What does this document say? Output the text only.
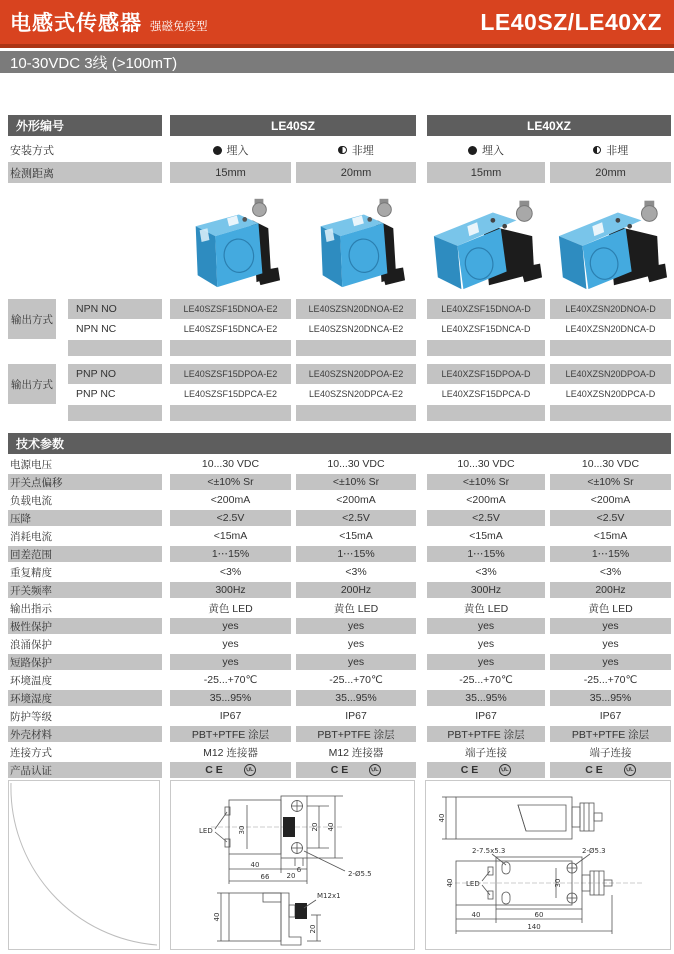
电感式传感器 强磁免疫型	LE40SZ/LE40XZ
10-30VDC 3线 (>100mT)
外形编号	LE40SZ	LE40XZ
安装方式	埋入	非埋	埋入	非埋
检测距离	15mm	20mm	15mm	20mm
输出方式
NPN NO	LE40SZSF15DNOA-E2	LE40SZSN20DNOA-E2	LE40XZSF15DNOA-D	LE40XZSN20DNOA-D
NPN NC	LE40SZSF15DNCA-E2	LE40SZSN20DNCA-E2	LE40XZSF15DNCA-D	LE40XZSN20DNCA-D
输出方式
PNP NO	LE40SZSF15DPOA-E2	LE40SZSN20DPOA-E2	LE40XZSF15DPOA-D	LE40XZSN20DPOA-D
PNP NC	LE40SZSF15DPCA-E2	LE40SZSN20DPCA-E2	LE40XZSF15DPCA-D	LE40XZSN20DPCA-D
技术参数
电源电压	10...30 VDC	10...30 VDC	10...30 VDC	10...30 VDC
开关点偏移	<±10% Sr	<±10% Sr	<±10% Sr	<±10% Sr
负载电流	<200mA	<200mA	<200mA	<200mA
压降	<2.5V	<2.5V	<2.5V	<2.5V
消耗电流	<15mA	<15mA	<15mA	<15mA
回差范围	1⋯15%	1⋯15%	1⋯15%	1⋯15%
重复精度	<3%	<3%	<3%	<3%
开关频率	300Hz	200Hz	300Hz	200Hz
输出指示	黄色 LED	黄色 LED	黄色 LED	黄色 LED
极性保护	yes	yes	yes	yes
浪涌保护	yes	yes	yes	yes
短路保护	yes	yes	yes	yes
环境温度	-25...+70℃	-25...+70℃	-25...+70℃	-25...+70℃
环境湿度	35...95%	35...95%	35...95%	35...95%
防护等级	IP67	IP67	IP67	IP67
外壳材料	PBT+PTFE 涂层	PBT+PTFE 涂层	PBT+PTFE 涂层	PBT+PTFE 涂层
连接方式	M12 连接器	M12 连接器	端子连接	端子连接
产品认证	CE	UL	CE	UL	CE	UL	CE	UL
LED	30	20 40
6	2-Ø5.5
40
20
66
M12x1
40
20
40
2-7.5x5.3	2-Ø5.3
LED	30
40
40	60
140
